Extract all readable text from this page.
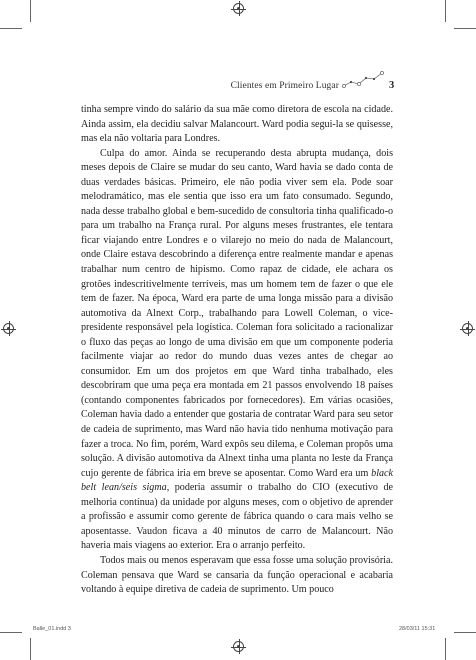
Clientes em Primeiro Lugar	3

tinha sempre vindo do salário da sua mãe como diretora de escola na cidade. Ainda assim, ela decidiu salvar Malancourt. Ward podia segui-la se quisesse, mas ela não voltaria para Londres.

Culpa do amor. Ainda se recuperando desta abrupta mudança, dois meses depois de Claire se mudar do seu canto, Ward havia se dado conta de duas verdades básicas. Primeiro, ele não podia viver sem ela. Pode soar melodramático, mas ele sentia que isso era um fato consumado. Segundo, nada desse trabalho global e bem-sucedido de consultoria tinha qualificado-o para um trabalho na França rural. Por alguns meses frustrantes, ele tentara ficar viajando entre Londres e o vilarejo no meio do nada de Malancourt, onde Claire estava descobrindo a diferença entre realmente mandar e apenas trabalhar num centro de hipismo. Como rapaz de cidade, ele achara os grotões indescritivelmente terríveis, mas um homem tem de fazer o que ele tem de fazer. Na época, Ward era parte de uma longa missão para a divisão automotiva da Alnext Corp., trabalhando para Lowell Coleman, o vice-presidente responsável pela logística. Coleman fora solicitado a racionalizar o fluxo das peças ao longo de uma divisão em que um componente poderia facilmente viajar ao redor do mundo duas vezes antes de chegar ao consumidor. Em um dos projetos em que Ward tinha trabalhado, eles descobriram que uma peça era montada em 21 passos envolvendo 18 países (contando componentes fabricados por fornecedores). Em várias ocasiões, Coleman havia dado a entender que gostaria de contratar Ward para seu setor de cadeia de suprimento, mas Ward não havia tido nenhuma motivação para fazer a troca. No fim, porém, Ward expôs seu dilema, e Coleman propôs uma solução. A divisão automotiva da Alnext tinha uma planta no leste da França cujo gerente de fábrica iria em breve se aposentar. Como Ward era um black belt lean/seis sigma, poderia assumir o trabalho do CIO (executivo de melhoria contínua) da unidade por alguns meses, com o objetivo de aprender a profissão e assumir como gerente de fábrica quando o cara mais velho se aposentasse. Vaudon ficava a 40 minutos de carro de Malancourt. Não haveria mais viagens ao exterior. Era o arranjo perfeito.

Todos mais ou menos esperavam que essa fosse uma solução provisória. Coleman pensava que Ward se cansaria da função operacional e acabaria voltando à equipe diretiva de cadeia de suprimento. Um pouco

Balle_01.indd 3	28/03/11 15:31
